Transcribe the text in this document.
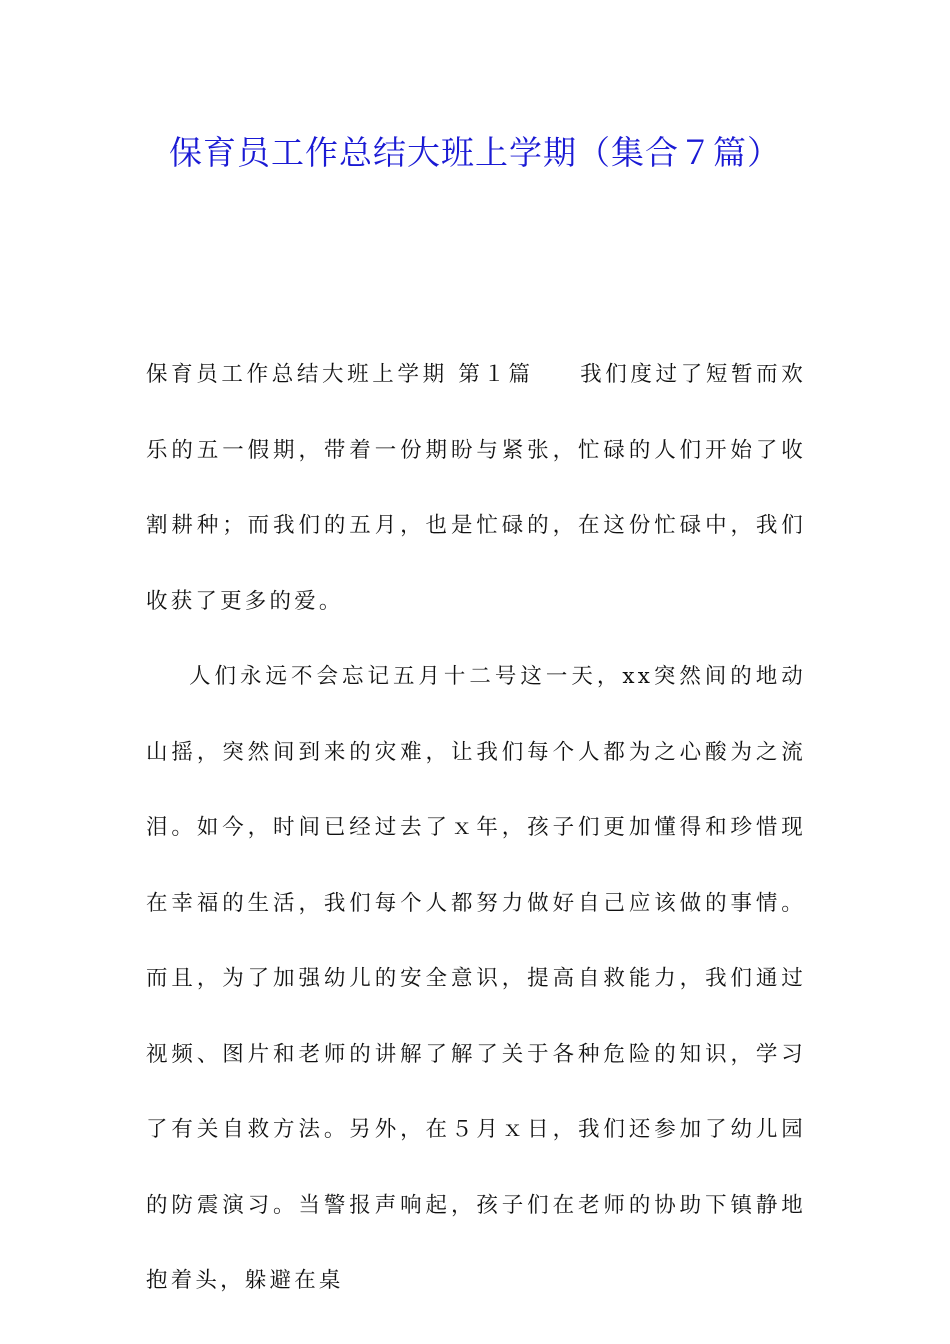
保育员工作总结大班上学期（集合７篇）

保育员工作总结大班上学期 第１篇 我们度过了短暂而欢乐的五一假期，带着一份期盼与紧张，忙碌的人们开始了收割耕种；而我们的五月，也是忙碌的，在这份忙碌中，我们收获了更多的爱。

人们永远不会忘记五月十二号这一天，xx突然间的地动山摇，突然间到来的灾难，让我们每个人都为之心酸为之流泪。如今，时间已经过去了ｘ年，孩子们更加懂得和珍惜现在幸福的生活，我们每个人都努力做好自己应该做的事情。而且，为了加强幼儿的安全意识，提高自救能力，我们通过视频、图片和老师的讲解了解了关于各种危险的知识，学习了有关自救方法。另外，在５月ｘ日，我们还参加了幼儿园的防震演习。当警报声响起，孩子们在老师的协助下镇静地抱着头，躲避在桌
